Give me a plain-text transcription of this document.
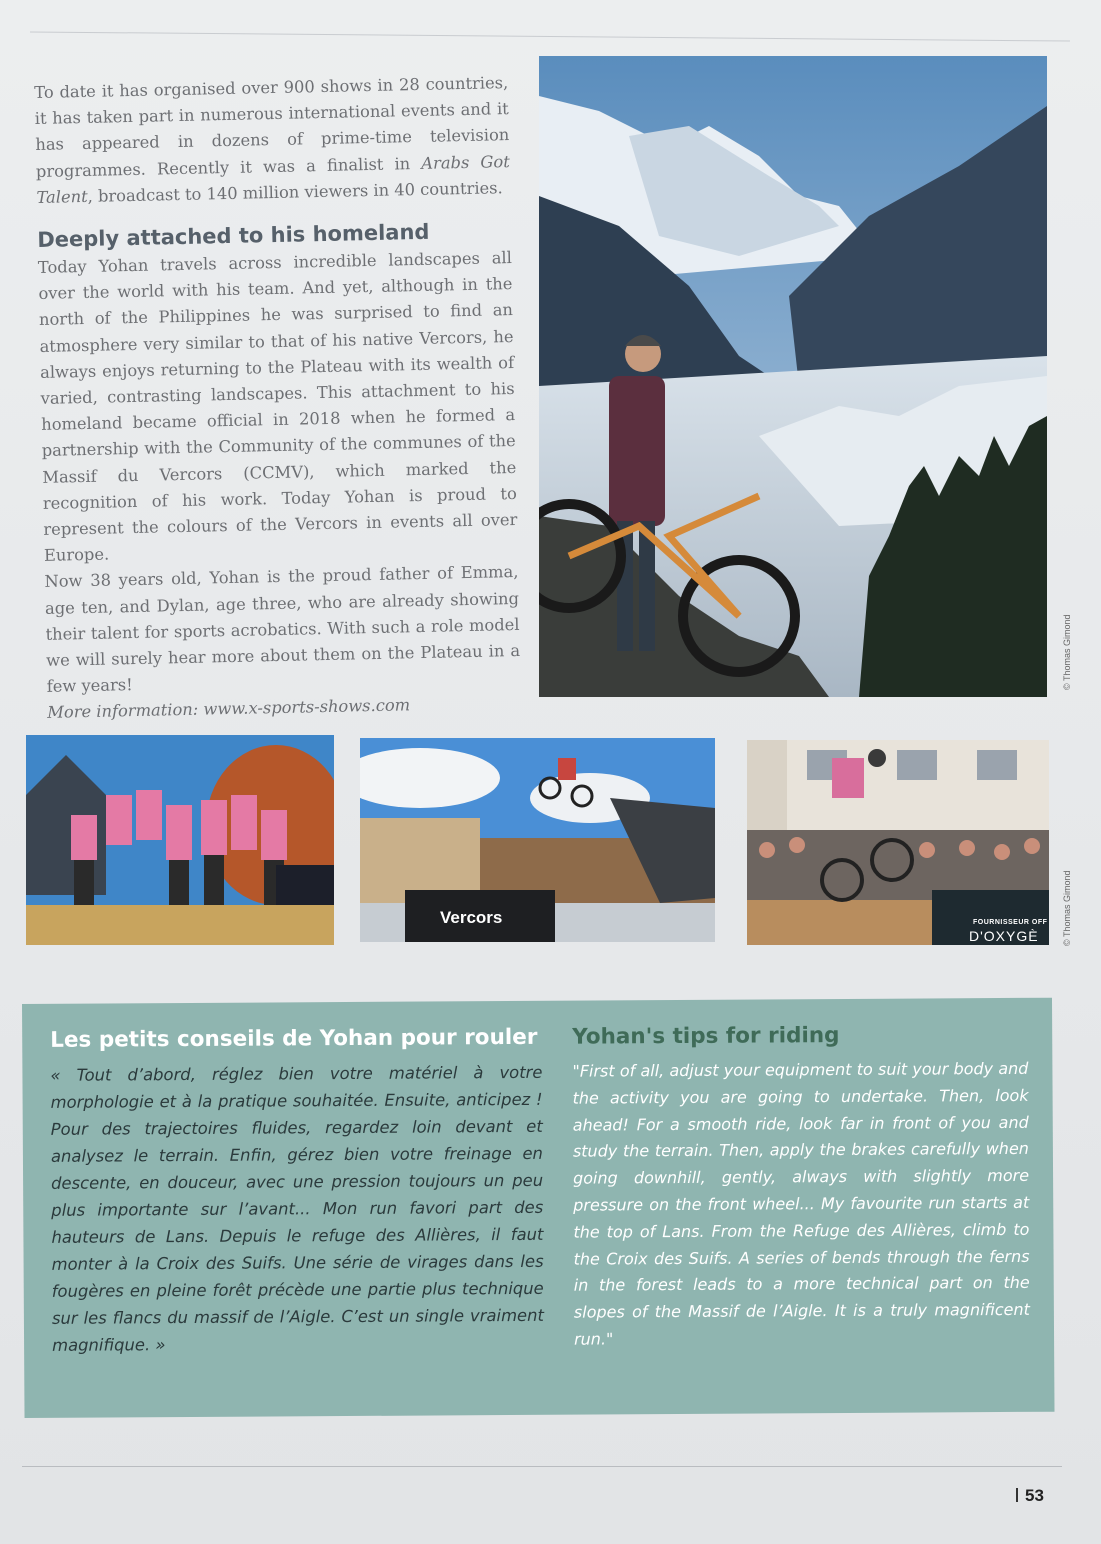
To date it has organised over 900 shows in 28 countries, it has taken part in numerous international events and it has appeared in dozens of prime-time television programmes. Recently it was a finalist in Arabs Got Talent, broadcast to 140 million viewers in 40 countries.

Deeply attached to his homeland

Today Yohan travels across incredible landscapes all over the world with his team. And yet, although in the north of the Philippines he was surprised to find an atmosphere very similar to that of his native Vercors, he always enjoys returning to the Plateau with its wealth of varied, contrasting landscapes. This attachment to his homeland became official in 2018 when he formed a partnership with the Community of the communes of the Massif du Vercors (CCMV), which marked the recognition of his work. Today Yohan is proud to represent the colours of the Vercors in events all over Europe.

Now 38 years old, Yohan is the proud father of Emma, age ten, and Dylan, age three, who are already showing their talent for sports acrobatics. With such a role model we will surely hear more about them on the Plateau in a few years!

More information: www.x-sports-shows.com

© Thomas Gimond
Vercors	FOURNISSEUR OFF
D'OXYGÈ	© Thomas Gimond
Les petits conseils de Yohan pour rouler

« Tout d’abord, réglez bien votre matériel à votre morphologie et à la pratique souhaitée. Ensuite, anticipez ! Pour des trajectoires fluides, regardez loin devant et analysez le terrain. Enfin, gérez bien votre freinage en descente, en douceur, avec une pression toujours un peu plus importante sur l’avant... Mon run favori part des hauteurs de Lans. Depuis le refuge des Allières, il faut monter à la Croix des Suifs. Une série de virages dans les fougères en pleine forêt précède une partie plus technique sur les flancs du massif de l’Aigle. C’est un single vraiment magnifique. »

Yohan's tips for riding

"First of all, adjust your equipment to suit your body and the activity you are going to undertake. Then, look ahead! For a smooth ride, look far in front of you and study the terrain. Then, apply the brakes carefully when going downhill, gently, always with slightly more pressure on the front wheel... My favourite run starts at the top of Lans. From the Refuge des Allières, climb to the Croix des Suifs. A series of bends through the ferns in the forest leads to a more technical part on the slopes of the Massif de l’Aigle. It is a truly magnificent run."

53
